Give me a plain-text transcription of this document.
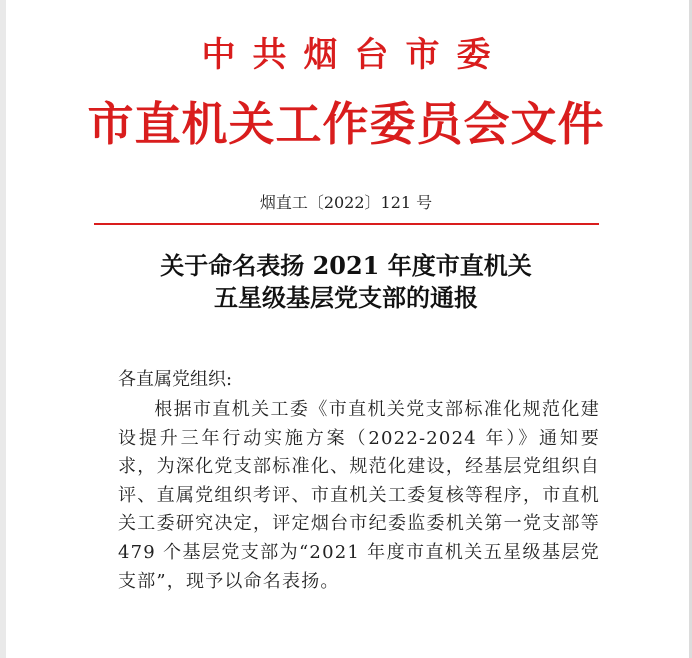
中共烟台市委
市直机关工作委员会文件
烟直工〔2022〕121 号
关于命名表扬 2021 年度市直机关
五星级基层党支部的通报
各直属党组织:
根据市直机关工委《市直机关党支部标准化规范化建设提升三年行动实施方案（2022-2024 年）》通知要求，为深化党支部标准化、规范化建设，经基层党组织自评、直属党组织考评、市直机关工委复核等程序，市直机关工委研究决定，评定烟台市纪委监委机关第一党支部等 479 个基层党支部为“2021 年度市直机关五星级基层党支部”，现予以命名表扬。
